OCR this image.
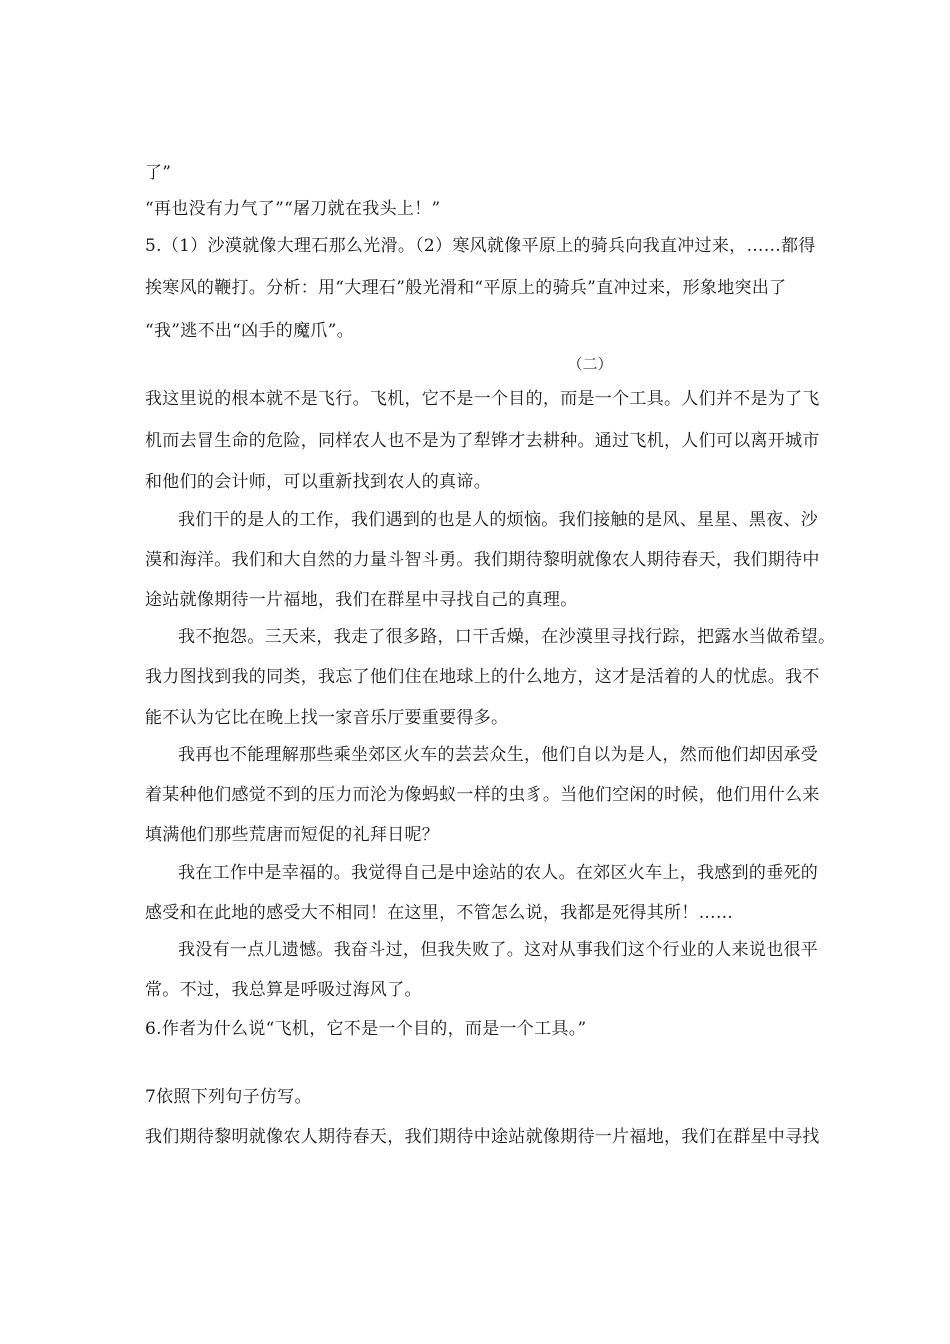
了”
“再也没有力气了”“屠刀就在我头上！”
5.（1）沙漠就像大理石那么光滑。（2）寒风就像平原上的骑兵向我直冲过来，……都得
挨寒风的鞭打。分析：用“大理石”般光滑和“平原上的骑兵”直冲过来，形象地突出了
“我”逃不出“凶手的魔爪”。
（二）
我这里说的根本就不是飞行。飞机，它不是一个目的，而是一个工具。人们并不是为了飞
机而去冒生命的危险，同样农人也不是为了犁铧才去耕种。通过飞机，人们可以离开城市
和他们的会计师，可以重新找到农人的真谛。
我们干的是人的工作，我们遇到的也是人的烦恼。我们接触的是风、星星、黑夜、沙
漠和海洋。我们和大自然的力量斗智斗勇。我们期待黎明就像农人期待春天，我们期待中
途站就像期待一片福地，我们在群星中寻找自己的真理。
我不抱怨。三天来，我走了很多路，口干舌燥，在沙漠里寻找行踪，把露水当做希望。
我力图找到我的同类，我忘了他们住在地球上的什么地方，这才是活着的人的忧虑。我不
能不认为它比在晚上找一家音乐厅要重要得多。
我再也不能理解那些乘坐郊区火车的芸芸众生，他们自以为是人，然而他们却因承受
着某种他们感觉不到的压力而沦为像蚂蚁一样的虫豸。当他们空闲的时候，他们用什么来
填满他们那些荒唐而短促的礼拜日呢？
我在工作中是幸福的。我觉得自己是中途站的农人。在郊区火车上，我感到的垂死的
感受和在此地的感受大不相同！在这里，不管怎么说，我都是死得其所！……
我没有一点儿遗憾。我奋斗过，但我失败了。这对从事我们这个行业的人来说也很平
常。不过，我总算是呼吸过海风了。
6.作者为什么说“飞机，它不是一个目的，而是一个工具。”
7依照下列句子仿写。
我们期待黎明就像农人期待春天，我们期待中途站就像期待一片福地，我们在群星中寻找
